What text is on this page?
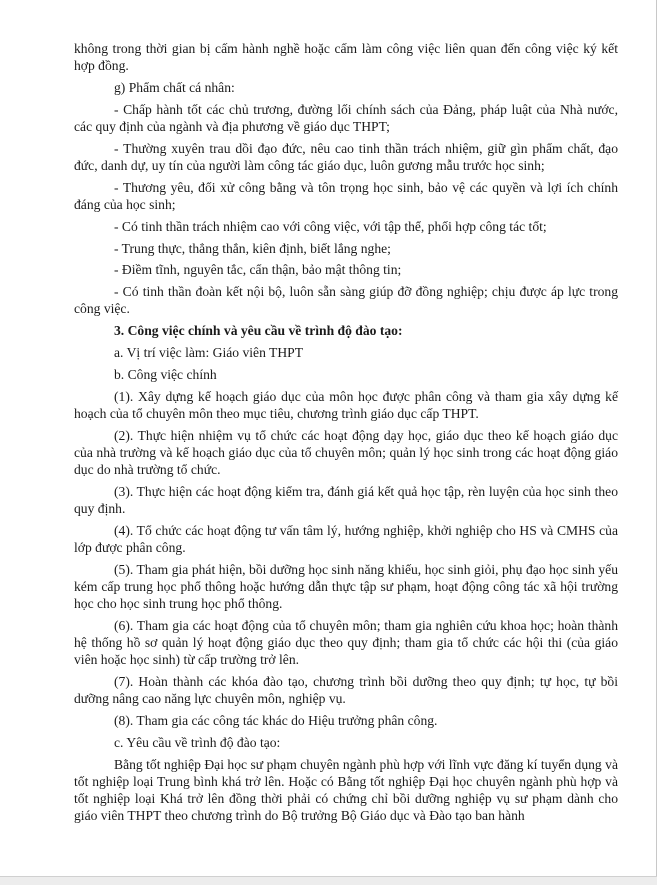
không trong thời gian bị cấm hành nghề hoặc cấm làm công việc liên quan đến công việc ký kết hợp đồng.

g) Phẩm chất cá nhân:

- Chấp hành tốt các chủ trương, đường lối chính sách của Đảng, pháp luật của Nhà nước, các quy định của ngành và địa phương về giáo dục THPT;

- Thường xuyên trau dồi đạo đức, nêu cao tinh thần trách nhiệm, giữ gìn phẩm chất, đạo đức, danh dự, uy tín của người làm công tác giáo dục, luôn gương mẫu trước học sinh;

- Thương yêu, đối xử công bằng và tôn trọng học sinh, bảo vệ các quyền và lợi ích chính đáng của học sinh;

- Có tinh thần trách nhiệm cao với công việc, với tập thể, phối hợp công tác tốt;

- Trung thực, thẳng thắn, kiên định, biết lắng nghe;

- Điềm tĩnh, nguyên tắc, cẩn thận, bảo mật thông tin;

- Có tinh thần đoàn kết nội bộ, luôn sẵn sàng giúp đỡ đồng nghiệp; chịu được áp lực trong công việc.

3. Công việc chính và yêu cầu về trình độ đào tạo:

a. Vị trí việc làm: Giáo viên THPT

b. Công việc chính

(1). Xây dựng kế hoạch giáo dục của môn học được phân công và tham gia xây dựng kế hoạch của tổ chuyên môn theo mục tiêu, chương trình giáo dục cấp THPT.

(2). Thực hiện nhiệm vụ tổ chức các hoạt động dạy học, giáo dục theo kế hoạch giáo dục của nhà trường và kế hoạch giáo dục của tổ chuyên môn; quản lý học sinh trong các hoạt động giáo dục do nhà trường tổ chức.

(3). Thực hiện các hoạt động kiểm tra, đánh giá kết quả học tập, rèn luyện của học sinh theo quy định.

(4). Tổ chức các hoạt động tư vấn tâm lý, hướng nghiệp, khởi nghiệp cho HS và CMHS của lớp được phân công.

(5). Tham gia phát hiện, bồi dưỡng học sinh năng khiếu, học sinh giỏi, phụ đạo học sinh yếu kém cấp trung học phổ thông hoặc hướng dẫn thực tập sư phạm, hoạt động công tác xã hội trường học cho học sinh trung học phổ thông.

(6). Tham gia các hoạt động của tổ chuyên môn; tham gia nghiên cứu khoa học; hoàn thành hệ thống hồ sơ quản lý hoạt động giáo dục theo quy định; tham gia tổ chức các hội thi (của giáo viên hoặc học sinh) từ cấp trường trở lên.

(7). Hoàn thành các khóa đào tạo, chương trình bồi dưỡng theo quy định; tự học, tự bồi dưỡng nâng cao năng lực chuyên môn, nghiệp vụ.

(8). Tham gia các công tác khác do Hiệu trưởng phân công.

c. Yêu cầu về trình độ đào tạo:

Bằng tốt nghiệp Đại học sư phạm chuyên ngành phù hợp với lĩnh vực đăng kí tuyển dụng và tốt nghiệp loại Trung bình khá trở lên. Hoặc có Bằng tốt nghiệp Đại học chuyên ngành phù hợp và tốt nghiệp loại Khá trở lên đồng thời phải có chứng chỉ bồi dưỡng nghiệp vụ sư phạm dành cho giáo viên THPT theo chương trình do Bộ trưởng Bộ Giáo dục và Đào tạo ban hành
